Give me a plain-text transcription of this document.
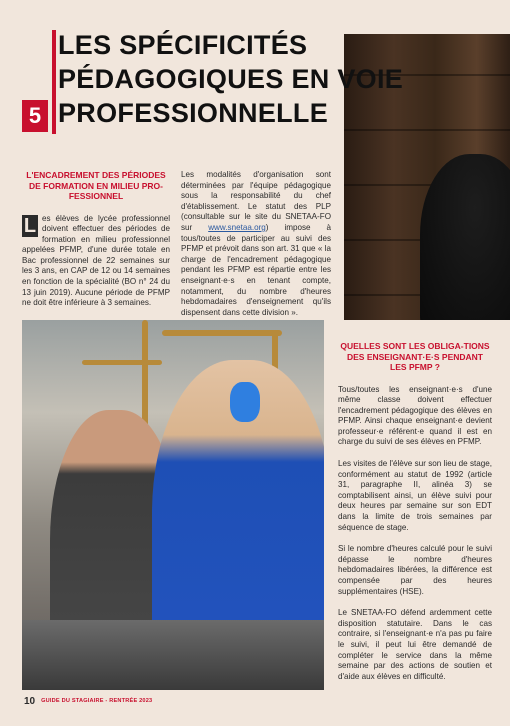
5
LES SPÉCIFICITÉS
PÉDAGOGIQUES EN VOIE
PROFESSIONNELLE
L'ENCADREMENT DES PÉRIODES DE FORMATION EN MILIEU PRO-FESSIONNEL
L es élèves de lycée professionnel doivent effectuer des périodes de formation en milieu professionnel appelées PFMP, d'une durée totale en Bac professionnel de 22 semaines sur les 3 ans, en CAP de 12 ou 14 semaines en fonction de la spécialité (BO n° 24 du 13 juin 2019). Aucune période de PFMP ne doit être inférieure à 3 semaines.

Les modalités d'organisation sont déterminées par l'équipe pédagogique sous la responsabilité du chef d'établissement. Le statut des PLP (consultable sur le site du SNETAA-FO sur www.snetaa.org) impose à tous/toutes de participer au suivi des PFMP et prévoit dans son art. 31 que « la charge de l'encadrement pédagogique pendant les PFMP est répartie entre les enseignant·e·s en tenant compte, notamment, du nombre d'heures hebdomadaires d'enseignement qu'ils dispensent dans cette division ».

QUELLES SONT LES OBLIGA-TIONS DES ENSEIGNANT·E·S PENDANT LES PFMP ?

Tous/toutes les enseignant·e·s d'une même classe doivent effectuer l'encadrement pédagogique des élèves en PFMP. Ainsi chaque enseignant·e devient professeur·e référent·e quand il est en charge du suivi de ses élèves en PFMP.

Les visites de l'élève sur son lieu de stage, conformément au statut de 1992 (article 31, paragraphe II, alinéa 3) se comptabilisent ainsi, un élève suivi pour deux heures par semaine sur son EDT dans la limite de trois semaines par séquence de stage.

Si le nombre d'heures calculé pour le suivi dépasse le nombre d'heures hebdomadaires libérées, la différence est compensée par des heures supplémentaires (HSE).

Le SNETAA-FO défend ardemment cette disposition statutaire. Dans le cas contraire, si l'enseignant·e n'a pas pu faire le suivi, il peut lui être demandé de compléter le service dans la même semaine par des actions de soutien et d'aide aux élèves en difficulté.

10 GUIDE DU STAGIAIRE - RENTRÉE 2023
